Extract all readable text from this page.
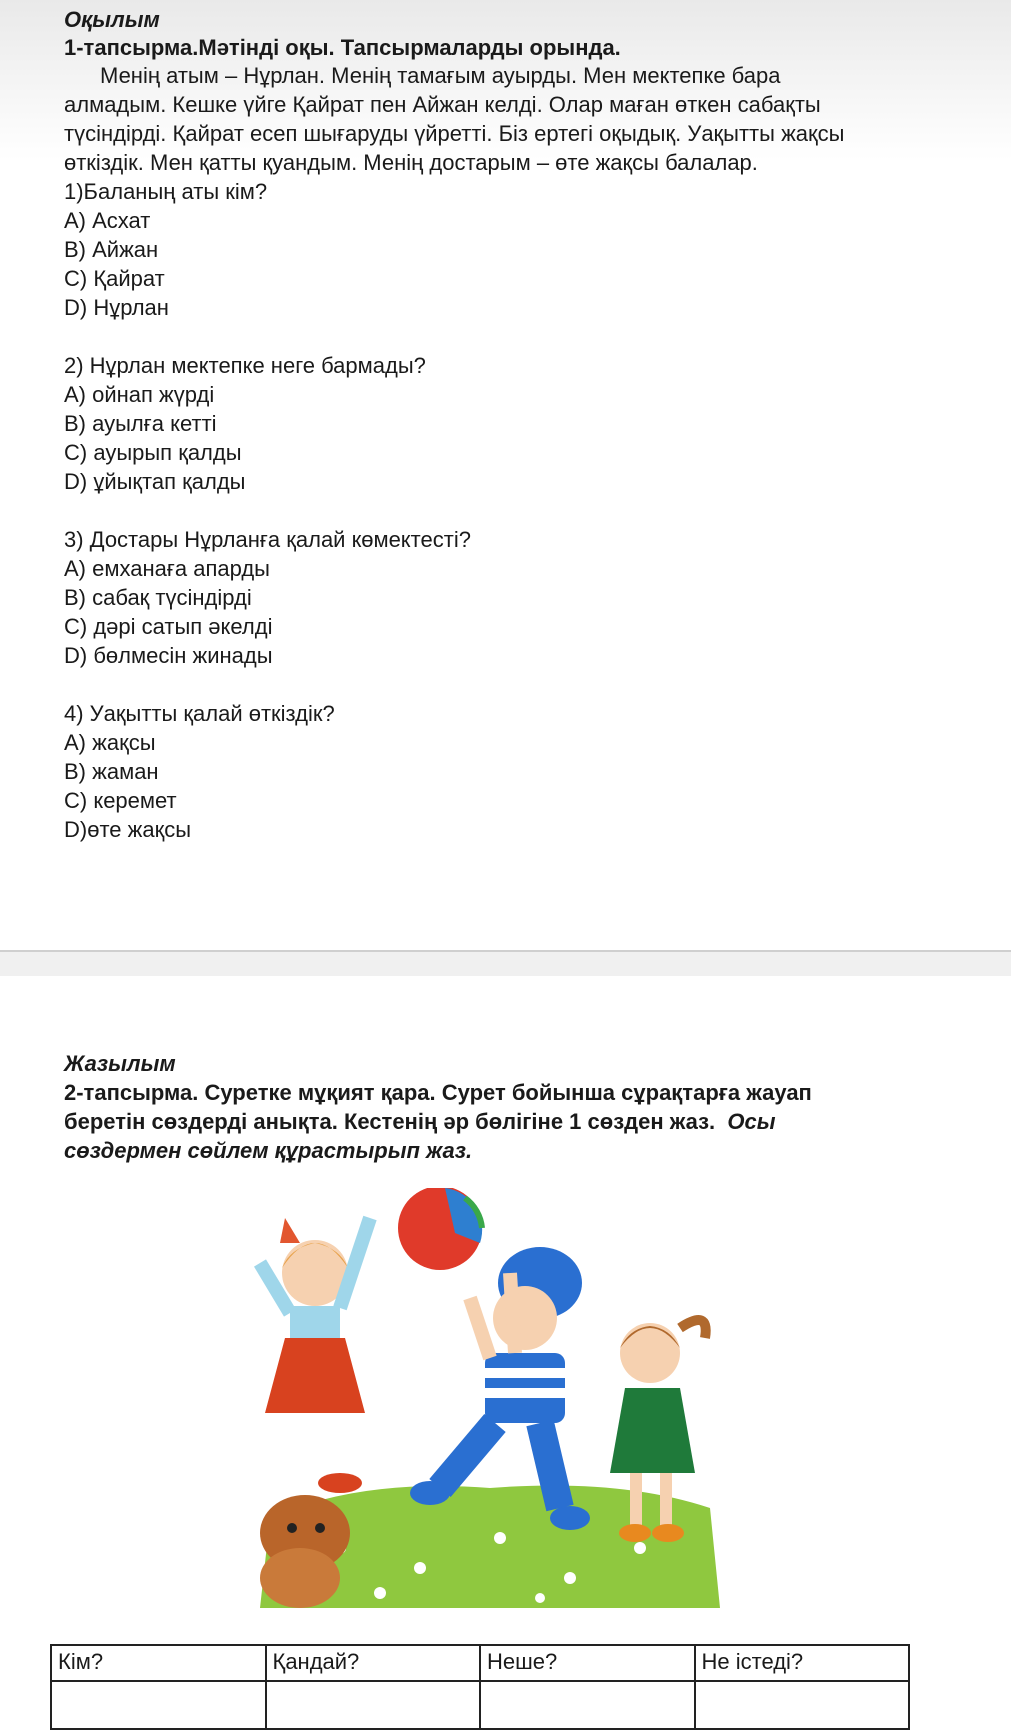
Оқылым
1-тапсырма.Мәтінді оқы. Тапсырмаларды орында.
Менің атым – Нұрлан. Менің тамағым ауырды. Мен мектепке бара
алмадым. Кешке үйге Қайрат пен Айжан келді. Олар маған өткен сабақты
түсіндірді. Қайрат есеп шығаруды үйретті. Біз ертегі оқыдық. Уақытты жақсы
өткіздік. Мен қатты қуандым. Менің достарым – өте жақсы балалар.
1)Баланың аты кім?
А) Асхат
В) Айжан
С) Қайрат
D) Нұрлан
2) Нұрлан мектепке неге бармады?
А) ойнап жүрді
В) ауылға кетті
С) ауырып қалды
D) ұйықтап қалды
3) Достары Нұрланға қалай көмектесті?
А) емханаға апарды
В) сабақ түсіндірді
С) дәрі сатып әкелді
D) бөлмесін жинады
4) Уақытты қалай өткіздік?
А) жақсы
В) жаман
С) керемет
D)өте жақсы
Жазылым
2-тапсырма. Суретке мұқият қара. Сурет бойынша сұрақтарға жауап
беретін сөздерді анықта. Кестенің әр бөлігіне 1 сөзден жаз. Осы
сөздермен сөйлем құрастырып жаз.
Кім?	Қандай?	Неше?	Не істеді?
